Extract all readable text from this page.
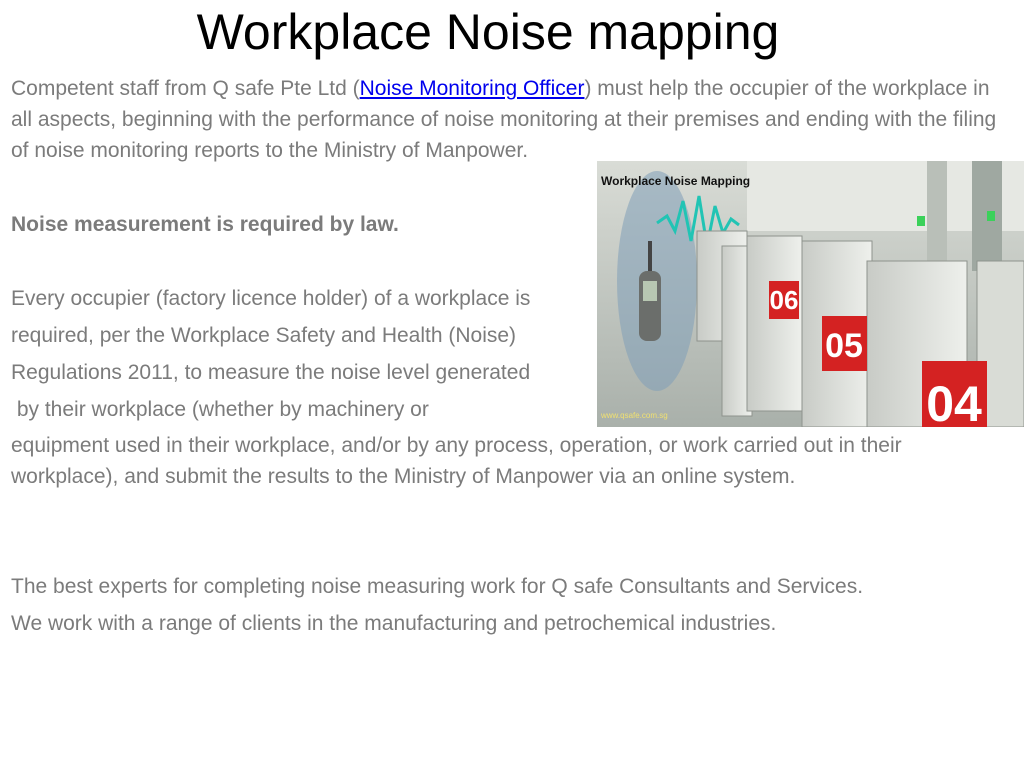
Workplace Noise mapping

Competent staff from Q safe Pte Ltd (Noise Monitoring Officer) must help the occupier of the workplace in all aspects, beginning with the performance of noise monitoring at their premises and ending with the filing of noise monitoring reports to the Ministry of Manpower.

Noise measurement is required by law.

Every occupier (factory licence holder) of a workplace is

required, per the Workplace Safety and Health (Noise)

Regulations 2011, to measure the noise level generated

by their workplace (whether by machinery or

equipment used in their workplace, and/or by any process, operation, or work carried out in their workplace), and submit the results to the Ministry of Manpower via an online system.

The best experts for completing noise measuring work for Q safe Consultants and Services.

We work with a range of clients in the manufacturing and petrochemical industries.

06
05
04
Workplace Noise Mapping
www.qsafe.com.sg
